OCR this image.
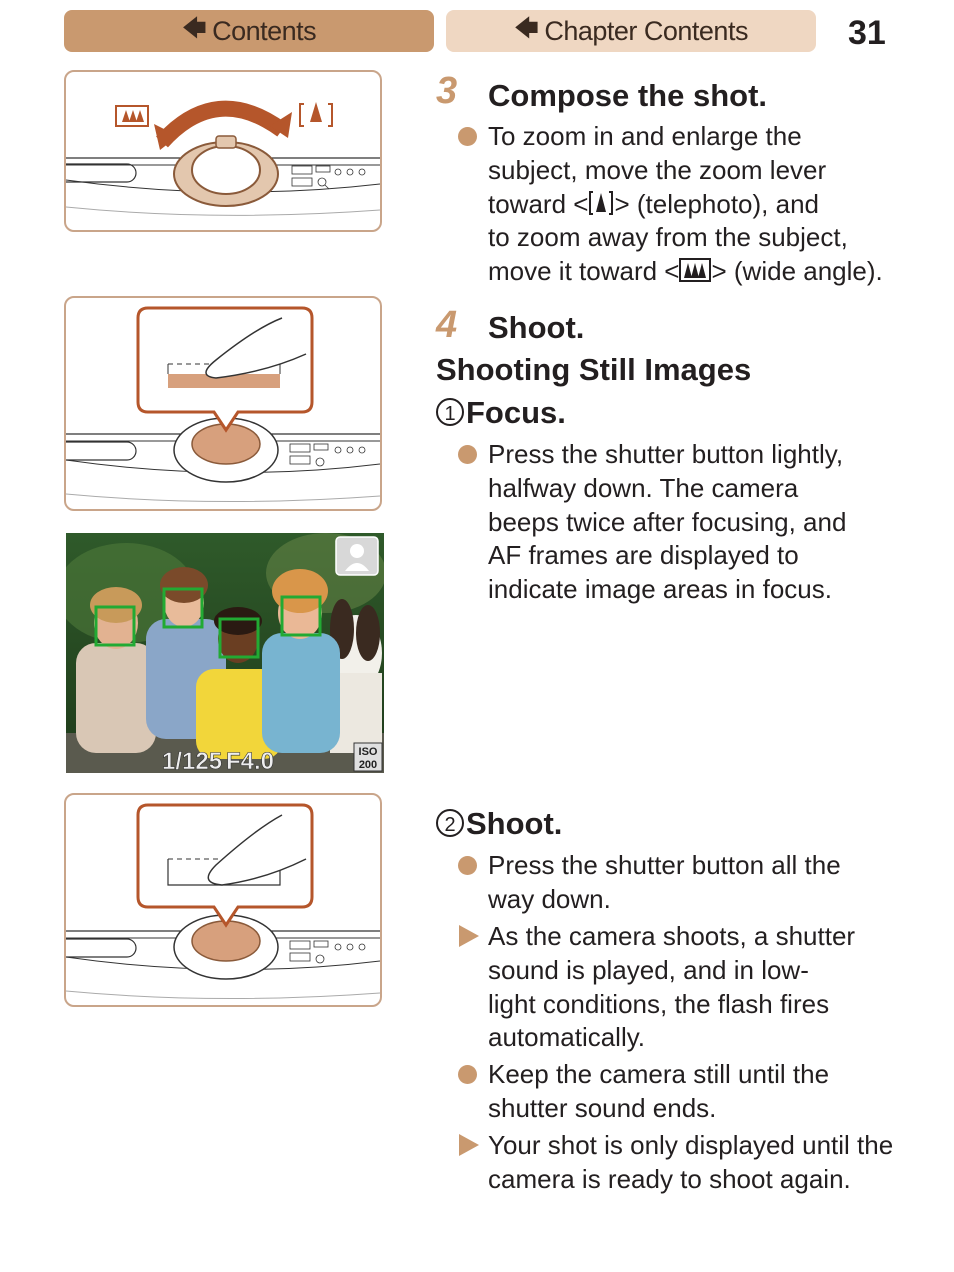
🡄 Contents	🡄 Chapter Contents	31
1/125 F4.0	ISO
200
3 Compose the shot.
To zoom in and enlarge the
subject, move the zoom lever
toward < > (telephoto), and
to zoom away from the subject,
move it toward < > (wide angle).
4 Shoot.
Shooting Still Images
1 Focus.
Press the shutter button lightly,
halfway down. The camera
beeps twice after focusing, and
AF frames are displayed to
indicate image areas in focus.
2 Shoot.
Press the shutter button all the
way down.
As the camera shoots, a shutter
sound is played, and in low-
light conditions, the flash fires
automatically.
Keep the camera still until the
shutter sound ends.
Your shot is only displayed until the
camera is ready to shoot again.
